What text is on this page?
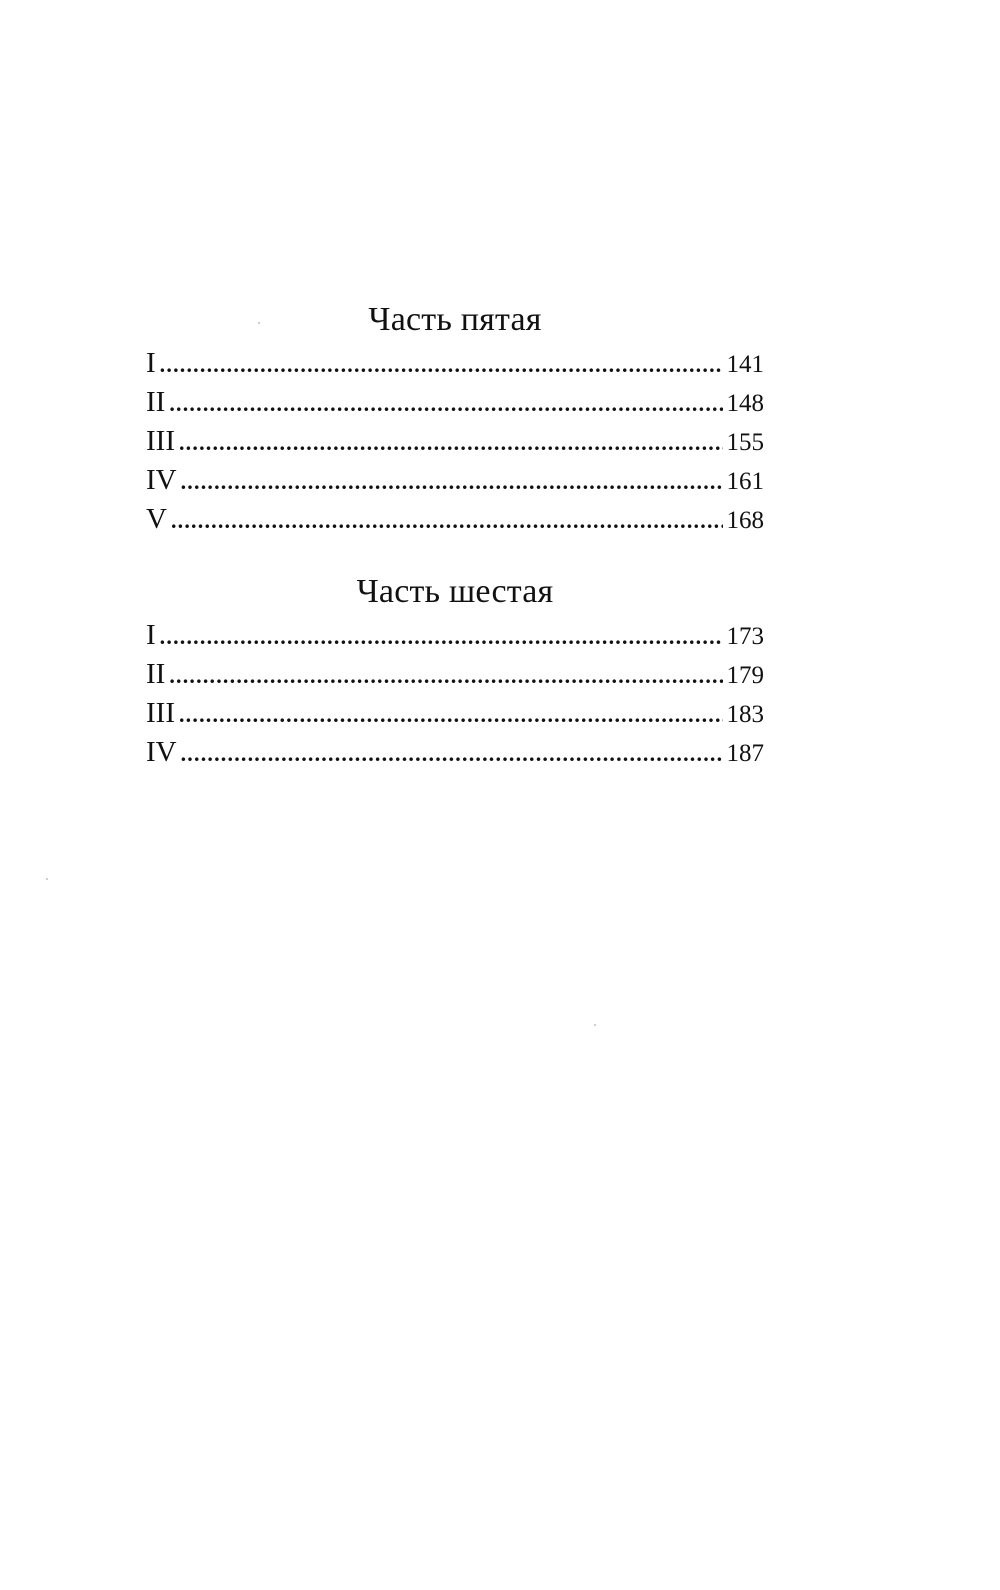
Часть пятая
I .....	141
II .....	148
III .....	155
IV .....	161
V .....	168
Часть шестая
I .....	173
II .....	179
III .....	183
IV .....	187
